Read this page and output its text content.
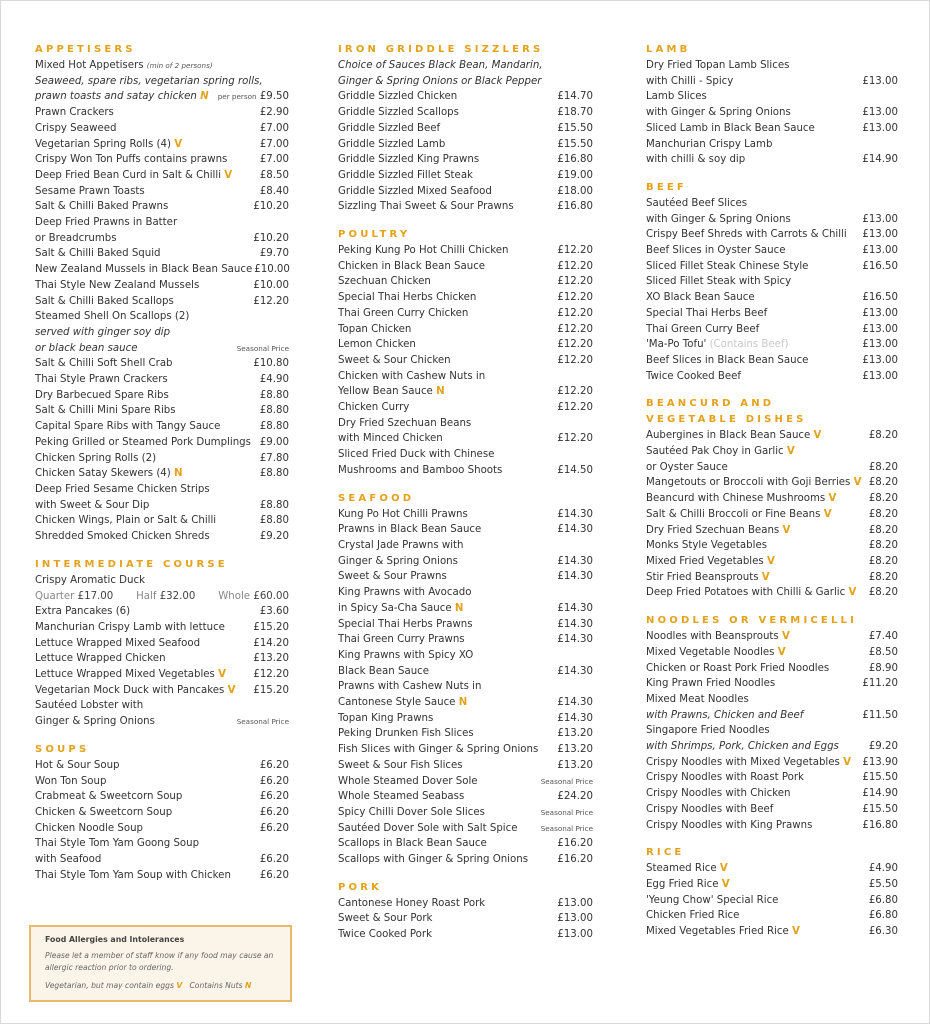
APPETISERS
Mixed Hot Appetisers (min of 2 persons)
Seaweed, spare ribs, vegetarian spring rolls,
prawn toasts and satay chicken N per person £9.50
Prawn Crackers	£2.90
Crispy Seaweed	£7.00
Vegetarian Spring Rolls (4) V	£7.00
Crispy Won Ton Puffs contains prawns	£7.00
Deep Fried Bean Curd in Salt & Chilli V	£8.50
Sesame Prawn Toasts	£8.40
Salt & Chilli Baked Prawns	£10.20
Deep Fried Prawns in Batter
or Breadcrumbs	£10.20
Salt & Chilli Baked Squid	£9.70
New Zealand Mussels in Black Bean Sauce £10.00
Thai Style New Zealand Mussels	£10.00
Salt & Chilli Baked Scallops	£12.20
Steamed Shell On Scallops (2)
served with ginger soy dip
or black bean sauce	Seasonal Price
Salt & Chilli Soft Shell Crab	£10.80
Thai Style Prawn Crackers	£4.90
Dry Barbecued Spare Ribs	£8.80
Salt & Chilli Mini Spare Ribs	£8.80
Capital Spare Ribs with Tangy Sauce	£8.80
Peking Grilled or Steamed Pork Dumplings £9.00
Chicken Spring Rolls (2)	£7.80
Chicken Satay Skewers (4) N	£8.80
Deep Fried Sesame Chicken Strips
with Sweet & Sour Dip	£8.80
Chicken Wings, Plain or Salt & Chilli	£8.80
Shredded Smoked Chicken Shreds	£9.20
INTERMEDIATE COURSE
Crispy Aromatic Duck
Quarter £17.00 Half £32.00 Whole £60.00
Extra Pancakes (6)	£3.60
Manchurian Crispy Lamb with lettuce	£15.20
Lettuce Wrapped Mixed Seafood	£14.20
Lettuce Wrapped Chicken	£13.20
Lettuce Wrapped Mixed Vegetables V	£12.20
Vegetarian Mock Duck with Pancakes V £15.20
Sautéed Lobster with
Ginger & Spring Onions	Seasonal Price
SOUPS
Hot & Sour Soup	£6.20
Won Ton Soup	£6.20
Crabmeat & Sweetcorn Soup	£6.20
Chicken & Sweetcorn Soup	£6.20
Chicken Noodle Soup	£6.20
Thai Style Tom Yam Goong Soup
with Seafood	£6.20
Thai Style Tom Yam Soup with Chicken	£6.20
IRON GRIDDLE SIZZLERS
Choice of Sauces Black Bean, Mandarin,
Ginger & Spring Onions or Black Pepper
Griddle Sizzled Chicken	£14.70
Griddle Sizzled Scallops	£18.70
Griddle Sizzled Beef	£15.50
Griddle Sizzled Lamb	£15.50
Griddle Sizzled King Prawns	£16.80
Griddle Sizzled Fillet Steak	£19.00
Griddle Sizzled Mixed Seafood	£18.00
Sizzling Thai Sweet & Sour Prawns	£16.80
POULTRY
Peking Kung Po Hot Chilli Chicken	£12.20
Chicken in Black Bean Sauce	£12.20
Szechuan Chicken	£12.20
Special Thai Herbs Chicken	£12.20
Thai Green Curry Chicken	£12.20
Topan Chicken	£12.20
Lemon Chicken	£12.20
Sweet & Sour Chicken	£12.20
Chicken with Cashew Nuts in
Yellow Bean Sauce N	£12.20
Chicken Curry	£12.20
Dry Fried Szechuan Beans
with Minced Chicken	£12.20
Sliced Fried Duck with Chinese
Mushrooms and Bamboo Shoots	£14.50
SEAFOOD
Kung Po Hot Chilli Prawns	£14.30
Prawns in Black Bean Sauce	£14.30
Crystal Jade Prawns with
Ginger & Spring Onions	£14.30
Sweet & Sour Prawns	£14.30
King Prawns with Avocado
in Spicy Sa-Cha Sauce N	£14.30
Special Thai Herbs Prawns	£14.30
Thai Green Curry Prawns	£14.30
King Prawns with Spicy XO
Black Bean Sauce	£14.30
Prawns with Cashew Nuts in
Cantonese Style Sauce N	£14.30
Topan King Prawns	£14.30
Peking Drunken Fish Slices	£13.20
Fish Slices with Ginger & Spring Onions £13.20
Sweet & Sour Fish Slices	£13.20
Whole Steamed Dover Sole	Seasonal Price
Whole Steamed Seabass	£24.20
Spicy Chilli Dover Sole Slices	Seasonal Price
Sautéed Dover Sole with Salt Spice	Seasonal Price
Scallops in Black Bean Sauce	£16.20
Scallops with Ginger & Spring Onions	£16.20
PORK
Cantonese Honey Roast Pork	£13.00
Sweet & Sour Pork	£13.00
Twice Cooked Pork	£13.00
LAMB
Dry Fried Topan Lamb Slices
with Chilli - Spicy	£13.00
Lamb Slices
with Ginger & Spring Onions	£13.00
Sliced Lamb in Black Bean Sauce	£13.00
Manchurian Crispy Lamb
with chilli & soy dip	£14.90
BEEF
Sautéed Beef Slices
with Ginger & Spring Onions	£13.00
Crispy Beef Shreds with Carrots & Chilli £13.00
Beef Slices in Oyster Sauce	£13.00
Sliced Fillet Steak Chinese Style	£16.50
Sliced Fillet Steak with Spicy
XO Black Bean Sauce	£16.50
Special Thai Herbs Beef	£13.00
Thai Green Curry Beef	£13.00
'Ma-Po Tofu' (Contains Beef)	£13.00
Beef Slices in Black Bean Sauce	£13.00
Twice Cooked Beef	£13.00
BEANCURD AND
VEGETABLE DISHES
Aubergines in Black Bean Sauce V	£8.20
Sautéed Pak Choy in Garlic V
or Oyster Sauce	£8.20
Mangetouts or Broccoli with Goji Berries V £8.20
Beancurd with Chinese Mushrooms V	£8.20
Salt & Chilli Broccoli or Fine Beans V	£8.20
Dry Fried Szechuan Beans V	£8.20
Monks Style Vegetables	£8.20
Mixed Fried Vegetables V	£8.20
Stir Fried Beansprouts V	£8.20
Deep Fried Potatoes with Chilli & Garlic V £8.20
NOODLES OR VERMICELLI
Noodles with Beansprouts V	£7.40
Mixed Vegetable Noodles V	£8.50
Chicken or Roast Pork Fried Noodles	£8.90
King Prawn Fried Noodles	£11.20
Mixed Meat Noodles
with Prawns, Chicken and Beef	£11.50
Singapore Fried Noodles
with Shrimps, Pork, Chicken and Eggs	£9.20
Crispy Noodles with Mixed Vegetables V £13.90
Crispy Noodles with Roast Pork	£15.50
Crispy Noodles with Chicken	£14.90
Crispy Noodles with Beef	£15.50
Crispy Noodles with King Prawns	£16.80
RICE
Steamed Rice V	£4.90
Egg Fried Rice V	£5.50
'Yeung Chow' Special Rice	£6.80
Chicken Fried Rice	£6.80
Mixed Vegetables Fried Rice V	£6.30
Food Allergies and Intolerances
Please let a member of staff know if any food may cause an allergic reaction prior to ordering.
Vegetarian, but may contain eggs V Contains Nuts N
